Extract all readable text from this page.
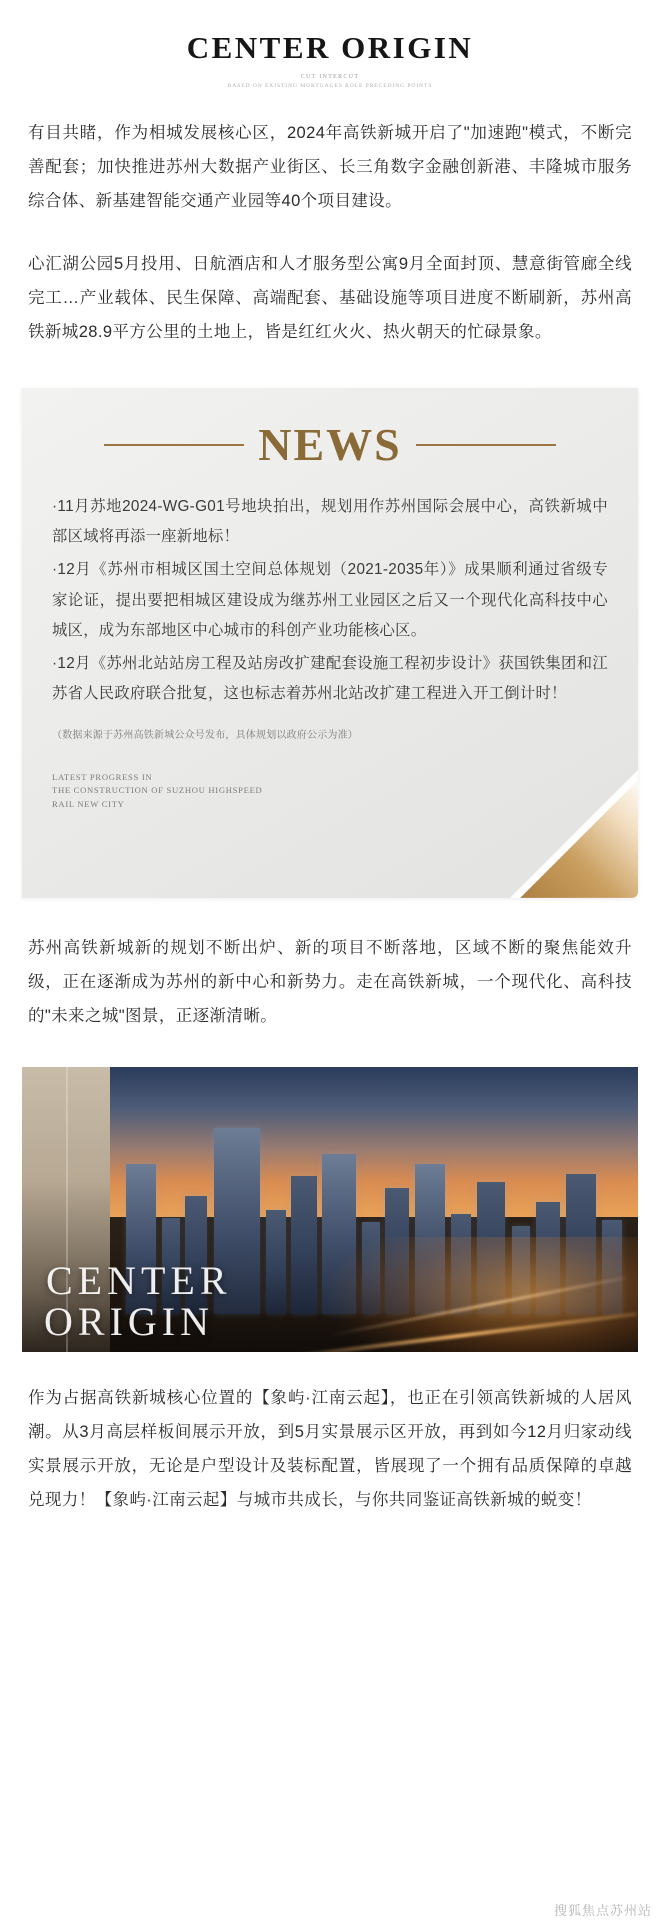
CENTER ORIGIN
CUT INTERCUT
BASED ON EXISTING MORTGAGES ROLE PRECEDING POINTS

有目共睹，作为相城发展核心区，2024年高铁新城开启了"加速跑"模式，不断完善配套；加快推进苏州大数据产业街区、长三角数字金融创新港、丰隆城市服务综合体、新基建智能交通产业园等40个项目建设。

心汇湖公园5月投用、日航酒店和人才服务型公寓9月全面封顶、慧意街管廊全线完工…产业载体、民生保障、高端配套、基础设施等项目进度不断刷新，苏州高铁新城28.9平方公里的土地上，皆是红红火火、热火朝天的忙碌景象。

NEWS
·11月苏地2024-WG-G01号地块拍出，规划用作苏州国际会展中心，高铁新城中部区域将再添一座新地标！
·12月《苏州市相城区国土空间总体规划（2021-2035年）》成果顺利通过省级专家论证，提出要把相城区建设成为继苏州工业园区之后又一个现代化高科技中心城区，成为东部地区中心城市的科创产业功能核心区。
·12月《苏州北站站房工程及站房改扩建配套设施工程初步设计》获国铁集团和江苏省人民政府联合批复，这也标志着苏州北站改扩建工程进入开工倒计时！
（数据来源于苏州高铁新城公众号发布，具体规划以政府公示为准）
LATEST PROGRESS IN
THE CONSTRUCTION OF SUZHOU HIGHSPEED
RAIL NEW CITY

苏州高铁新城新的规划不断出炉、新的项目不断落地，区域不断的聚焦能效升级，正在逐渐成为苏州的新中心和新势力。走在高铁新城，一个现代化、高科技的"未来之城"图景，正逐渐清晰。

CENTER
ORIGIN

作为占据高铁新城核心位置的【象屿·江南云起】，也正在引领高铁新城的人居风潮。从3月高层样板间展示开放，到5月实景展示区开放，再到如今12月归家动线实景展示开放，无论是户型设计及装标配置，皆展现了一个拥有品质保障的卓越兑现力！【象屿·江南云起】与城市共成长，与你共同鉴证高铁新城的蜕变！

搜狐焦点苏州站
